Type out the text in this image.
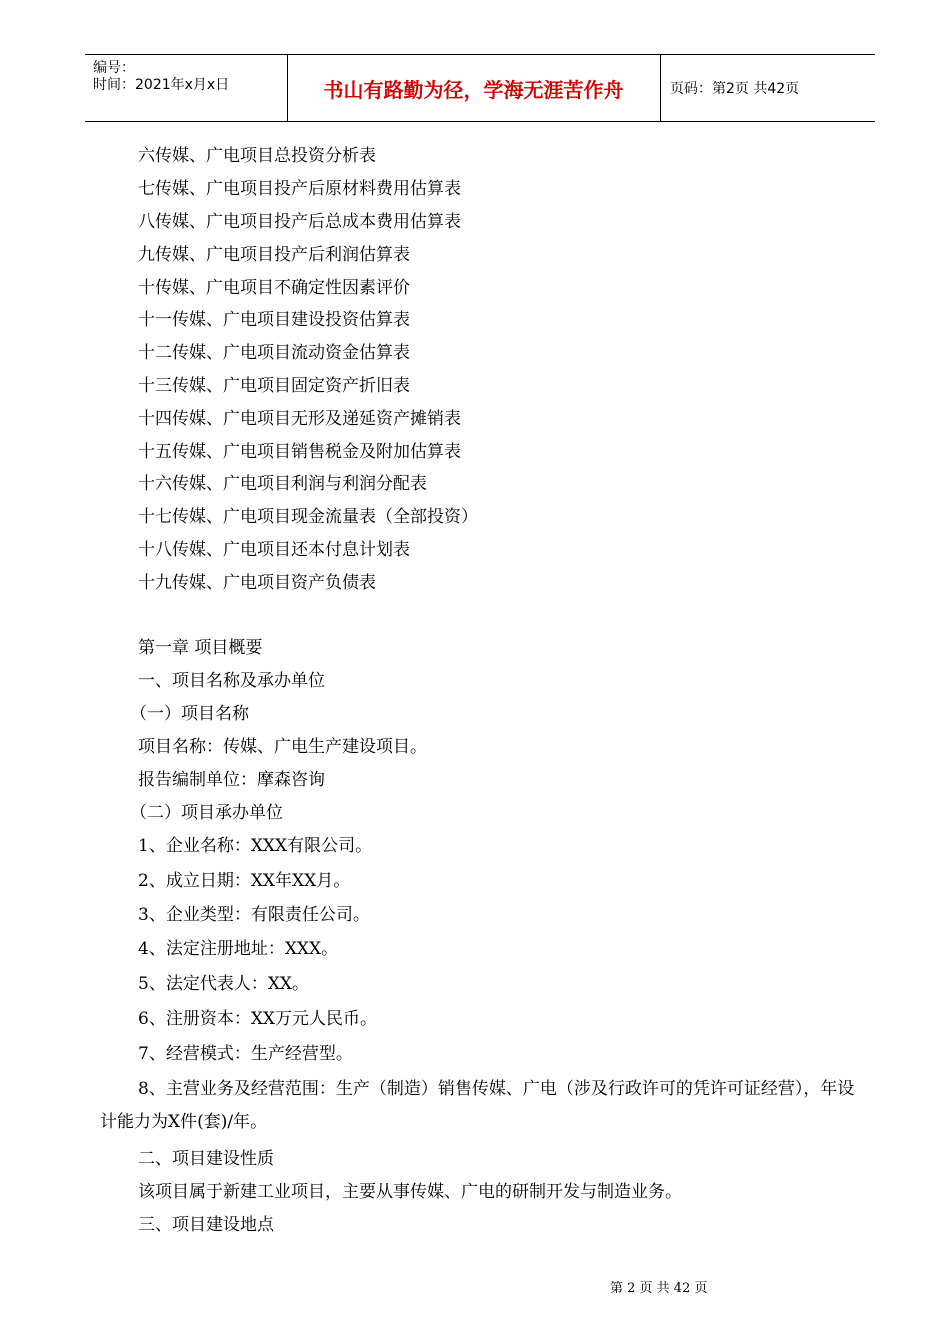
编号：
时间：2021年x月x日	书山有路勤为径，学海无涯苦作舟	页码：第2页 共42页
六传媒、广电项目总投资分析表
七传媒、广电项目投产后原材料费用估算表
八传媒、广电项目投产后总成本费用估算表
九传媒、广电项目投产后利润估算表
十传媒、广电项目不确定性因素评价
十一传媒、广电项目建设投资估算表
十二传媒、广电项目流动资金估算表
十三传媒、广电项目固定资产折旧表
十四传媒、广电项目无形及递延资产摊销表
十五传媒、广电项目销售税金及附加估算表
十六传媒、广电项目利润与利润分配表
十七传媒、广电项目现金流量表（全部投资）
十八传媒、广电项目还本付息计划表
十九传媒、广电项目资产负债表
第一章 项目概要
一、项目名称及承办单位
（一）项目名称
项目名称：传媒、广电生产建设项目。
报告编制单位：摩森咨询
（二）项目承办单位
1、企业名称：XXX有限公司。
2、成立日期：XX年XX月。
3、企业类型：有限责任公司。
4、法定注册地址：XXX。
5、法定代表人：XX。
6、注册资本：XX万元人民币。
7、经营模式：生产经营型。
8、主营业务及经营范围：生产（制造）销售传媒、广电（涉及行政许可的凭许可证经营），年设计能力为X件(套)/年。
二、项目建设性质
该项目属于新建工业项目，主要从事传媒、广电的研制开发与制造业务。
三、项目建设地点
第 2 页 共 42 页
